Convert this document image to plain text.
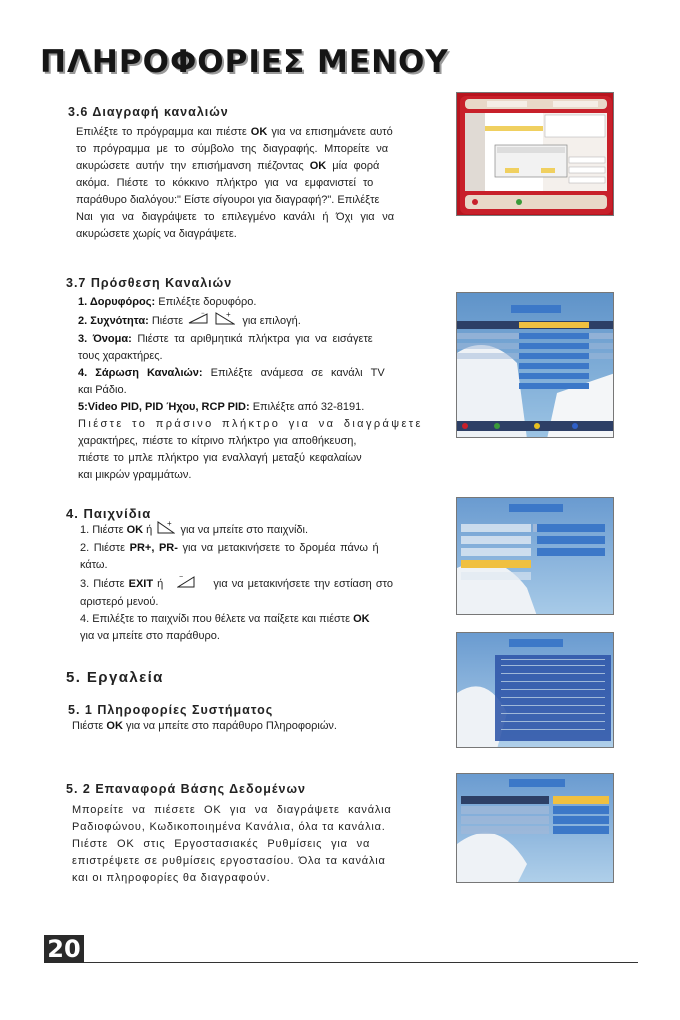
ΠΛΗΡΟΦΟΡΙΕΣ ΜΕΝΟΥ
3.6 Διαγραφή καναλιών
Επιλέξτε το πρόγραμμα και πιέστε OK για να επισημάνετε αυτό
το πρόγραμμα με το σύμβολο της διαγραφής. Μπορείτε να
ακυρώσετε αυτήν την επισήμανση πιέζοντας OK μία φορά
ακόμα. Πιέστε το κόκκινο πλήκτρο για να εμφανιστεί το
παράθυρο διαλόγου:" Είστε σίγουροι για διαγραφή?". Επιλέξτε
Ναι για να διαγράψετε το επιλεγμένο κανάλι ή Όχι για να
ακυρώσετε χωρίς να διαγράψετε.
3.7 Πρόσθεση Καναλιών
1. Δορυφόρος: Επιλέξτε δορυφόρο.
2. Συχνότητα: Πιέστε
−
	+
για επιλογή.
3. Όνομα: Πιέστε τα αριθμητικά πλήκτρα για να εισάγετε
τους χαρακτήρες.
4. Σάρωση Καναλιών: Επιλέξτε ανάμεσα σε κανάλι TV
και Ράδιο.
5:Video PID, PID Ήχου, RCP PID: Επιλέξτε από 32-8191.
Πιέστε το πράσινο πλήκτρο για να διαγράψετε
χαρακτήρες, πιέστε το κίτρινο πλήκτρο για αποθήκευση,
πιέστε το μπλε πλήκτρο για εναλλαγή μεταξύ κεφαλαίων
και μικρών γραμμάτων.
4. Παιχνίδια
1. Πιέστε OK ή
+
για να μπείτε στο παιχνίδι.
2. Πιέστε PR+, PR- για να μετακινήσετε το δρομέα πάνω ή
κάτω.
3. Πιέστε EXIT ή
−
για να μετακινήσετε την εστίαση στο
αριστερό μενού.
4. Επιλέξτε το παιχνίδι που θέλετε να παίξετε και πιέστε OK
για να μπείτε στο παράθυρο.
5. Εργαλεία
5. 1 Πληροφορίες Συστήματος
Πιέστε OK για να μπείτε στο παράθυρο Πληροφοριών.
5. 2 Επαναφορά Βάσης Δεδομένων
Μπορείτε να πιέσετε ΟΚ για να διαγράψετε κανάλια
Ραδιοφώνου, Κωδικοποιημένα Κανάλια, όλα τα κανάλια.
Πιέστε ΟΚ στις Εργοστασιακές Ρυθμίσεις για να
επιστρέψετε σε ρυθμίσεις εργοστασίου. Όλα τα κανάλια
και οι πληροφορίες θα διαγραφούν.
20
